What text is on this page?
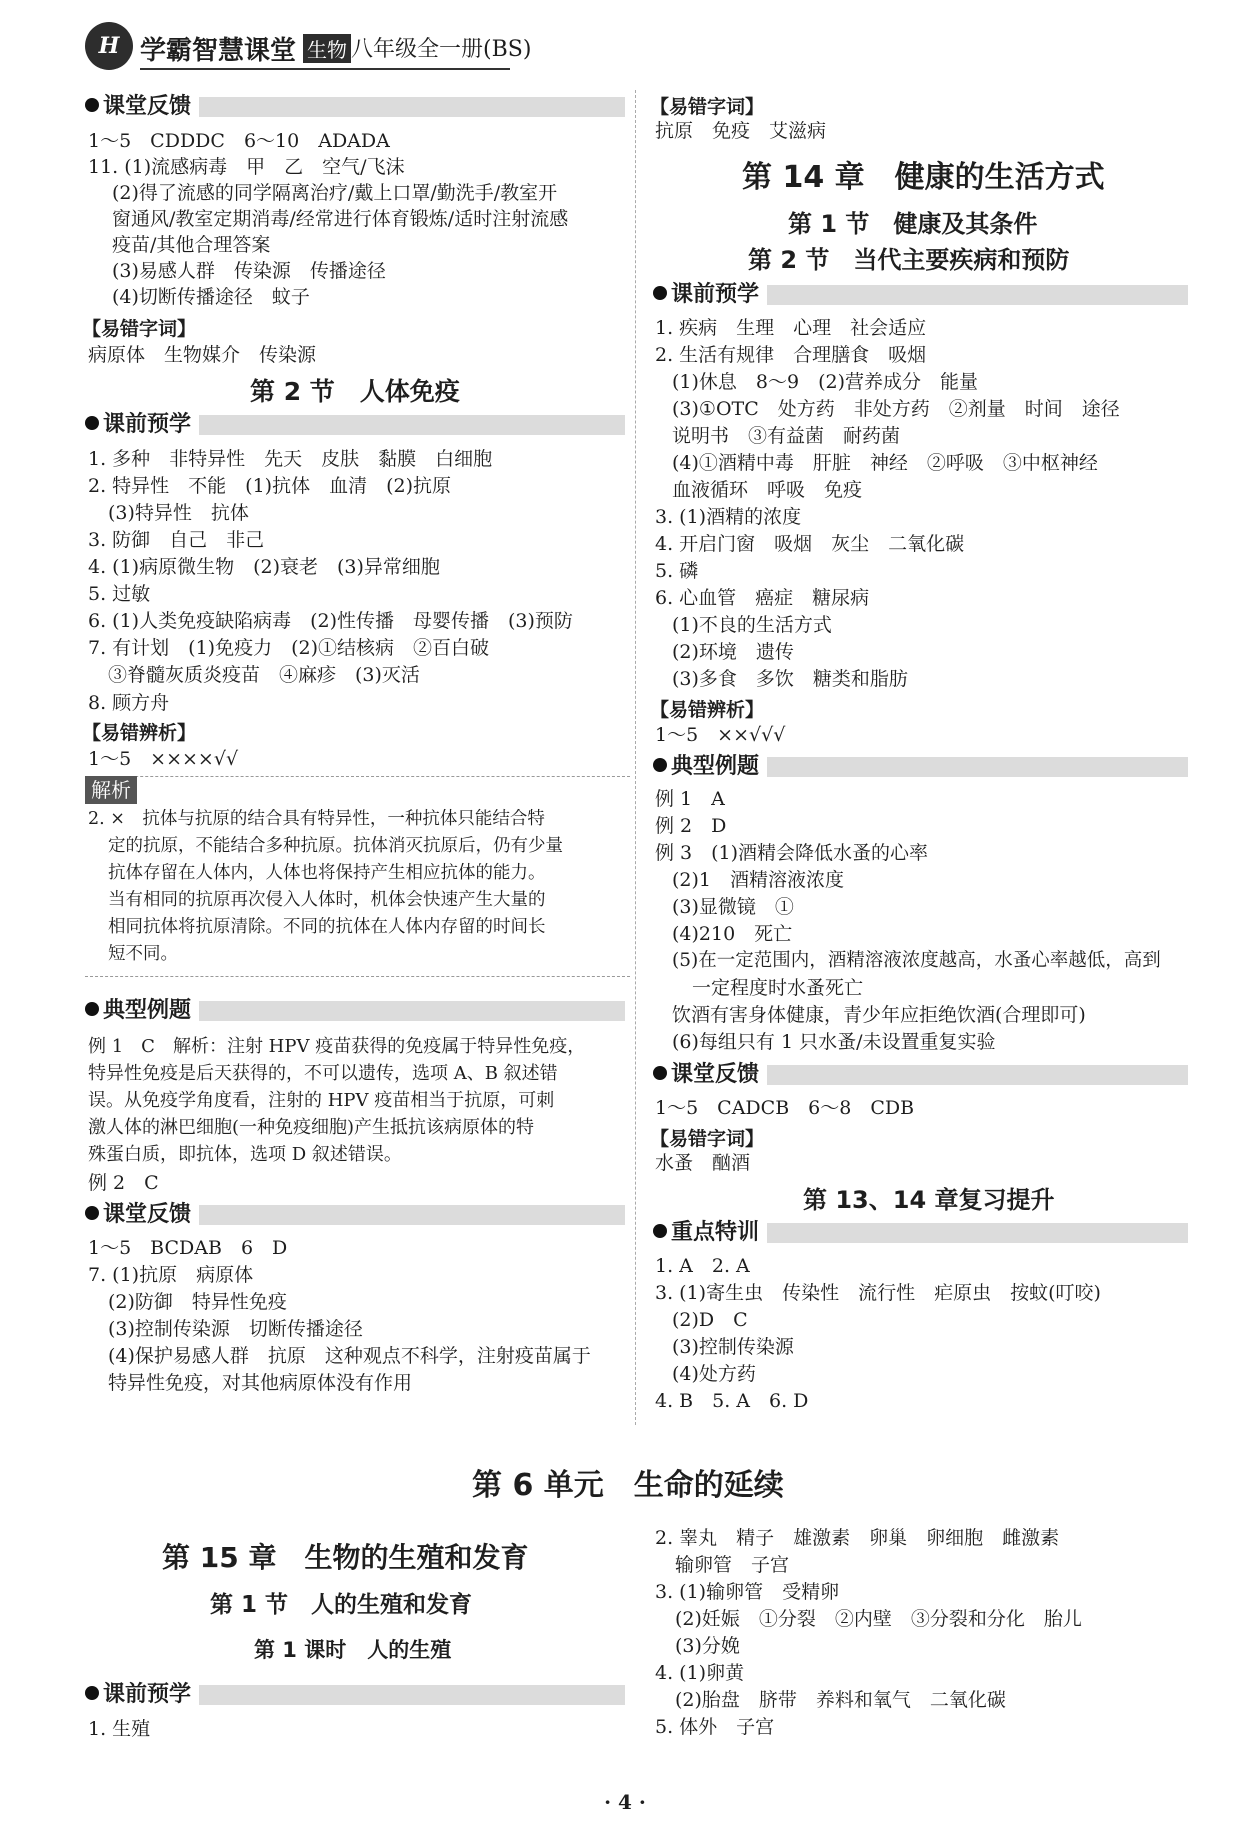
H 学霸智慧课堂 生物 八年级全一册(BS)
课堂反馈
1～5　CDDDC　6～10　ADADA
11. (1)流感病毒　甲　乙　空气/飞沫
(2)得了流感的同学隔离治疗/戴上口罩/勤洗手/教室开
窗通风/教室定期消毒/经常进行体育锻炼/适时注射流感
疫苗/其他合理答案
(3)易感人群　传染源　传播途径
(4)切断传播途径　蚊子
【易错字词】
病原体　生物媒介　传染源
第 2 节　人体免疫
课前预学
1. 多种　非特异性　先天　皮肤　黏膜　白细胞
2. 特异性　不能　(1)抗体　血清　(2)抗原
(3)特异性　抗体
3. 防御　自己　非己
4. (1)病原微生物　(2)衰老　(3)异常细胞
5. 过敏
6. (1)人类免疫缺陷病毒　(2)性传播　母婴传播　(3)预防
7. 有计划　(1)免疫力　(2)①结核病　②百白破
③脊髓灰质炎疫苗　④麻疹　(3)灭活
8. 顾方舟
【易错辨析】
1～5　××××√√
解析
2. ×　抗体与抗原的结合具有特异性，一种抗体只能结合特
定的抗原，不能结合多种抗原。抗体消灭抗原后，仍有少量
抗体存留在人体内，人体也将保持产生相应抗体的能力。
当有相同的抗原再次侵入人体时，机体会快速产生大量的
相同抗体将抗原清除。不同的抗体在人体内存留的时间长
短不同。
典型例题
例 1　C　解析：注射 HPV 疫苗获得的免疫属于特异性免疫，
特异性免疫是后天获得的，不可以遗传，选项 A、B 叙述错
误。从免疫学角度看，注射的 HPV 疫苗相当于抗原，可刺
激人体的淋巴细胞(一种免疫细胞)产生抵抗该病原体的特
殊蛋白质，即抗体，选项 D 叙述错误。
例 2　C
课堂反馈
1～5　BCDAB　6　D
7. (1)抗原　病原体
(2)防御　特异性免疫
(3)控制传染源　切断传播途径
(4)保护易感人群　抗原　这种观点不科学，注射疫苗属于
特异性免疫，对其他病原体没有作用
【易错字词】
抗原　免疫　艾滋病
第 14 章　健康的生活方式
第 1 节　健康及其条件
第 2 节　当代主要疾病和预防
课前预学
1. 疾病　生理　心理　社会适应
2. 生活有规律　合理膳食　吸烟
(1)休息　8～9　(2)营养成分　能量
(3)①OTC　处方药　非处方药　②剂量　时间　途径
说明书　③有益菌　耐药菌
(4)①酒精中毒　肝脏　神经　②呼吸　③中枢神经
血液循环　呼吸　免疫
3. (1)酒精的浓度
4. 开启门窗　吸烟　灰尘　二氧化碳
5. 磷
6. 心血管　癌症　糖尿病
(1)不良的生活方式
(2)环境　遗传
(3)多食　多饮　糖类和脂肪
【易错辨析】
1～5　××√√√
典型例题
例 1　A
例 2　D
例 3　(1)酒精会降低水蚤的心率
(2)1　酒精溶液浓度
(3)显微镜　①
(4)210　死亡
(5)在一定范围内，酒精溶液浓度越高，水蚤心率越低，高到
一定程度时水蚤死亡
饮酒有害身体健康，青少年应拒绝饮酒(合理即可)
(6)每组只有 1 只水蚤/未设置重复实验
课堂反馈
1～5　CADCB　6～8　CDB
【易错字词】
水蚤　酗酒
第 13、14 章复习提升
重点特训
1. A　2. A
3. (1)寄生虫　传染性　流行性　疟原虫　按蚊(叮咬)
(2)D　C
(3)控制传染源
(4)处方药
4. B　5. A　6. D
第 6 单元　生命的延续
第 15 章　生物的生殖和发育
第 1 节　人的生殖和发育
第 1 课时　人的生殖
课前预学
1. 生殖
2. 睾丸　精子　雄激素　卵巢　卵细胞　雌激素
输卵管　子宫
3. (1)输卵管　受精卵
(2)妊娠　①分裂　②内壁　③分裂和分化　胎儿
(3)分娩
4. (1)卵黄
(2)胎盘　脐带　养料和氧气　二氧化碳
5. 体外　子宫
· 4 ·
